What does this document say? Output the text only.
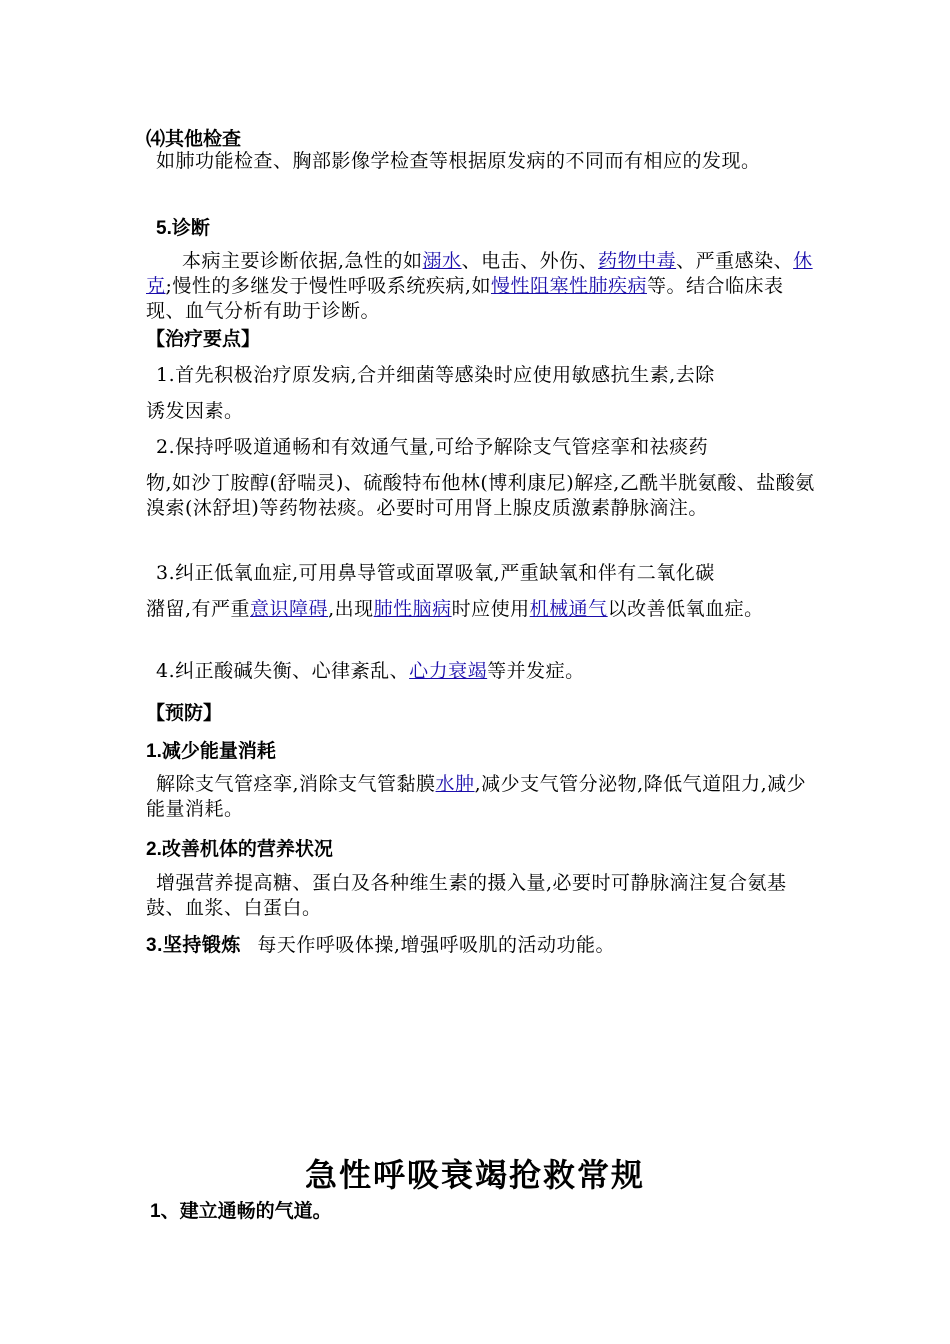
⑷其他检查

如肺功能检查、胸部影像学检查等根据原发病的不同而有相应的发现。

5.诊断

本病主要诊断依据,急性的如溺水、电击、外伤、药物中毒、严重感染、休克;慢性的多继发于慢性呼吸系统疾病,如慢性阻塞性肺疾病等。结合临床表现、血气分析有助于诊断。

【治疗要点】
1.首先积极治疗原发病,合并细菌等感染时应使用敏感抗生素,去除
诱发因素。
2.保持呼吸道通畅和有效通气量,可给予解除支气管痉挛和祛痰药

物,如沙丁胺醇(舒喘灵)、硫酸特布他林(博利康尼)解痉,乙酰半胱氨酸、盐酸氨溴索(沐舒坦)等药物祛痰。必要时可用肾上腺皮质激素静脉滴注。

3.纠正低氧血症,可用鼻导管或面罩吸氧,严重缺氧和伴有二氧化碳

潴留,有严重意识障碍,出现肺性脑病时应使用机械通气以改善低氧血症。

4.纠正酸碱失衡、心律紊乱、心力衰竭等并发症。
【预防】
1.减少能量消耗

解除支气管痉挛,消除支气管黏膜水肿,减少支气管分泌物,降低气道阻力,减少能量消耗。

2.改善机体的营养状况

增强营养提高糖、蛋白及各种维生素的摄入量,必要时可静脉滴注复合氨基鼓、血浆、白蛋白。

3.坚持锻炼 每天作呼吸体操,增强呼吸肌的活动功能。
急性呼吸衰竭抢救常规
1、建立通畅的气道。
